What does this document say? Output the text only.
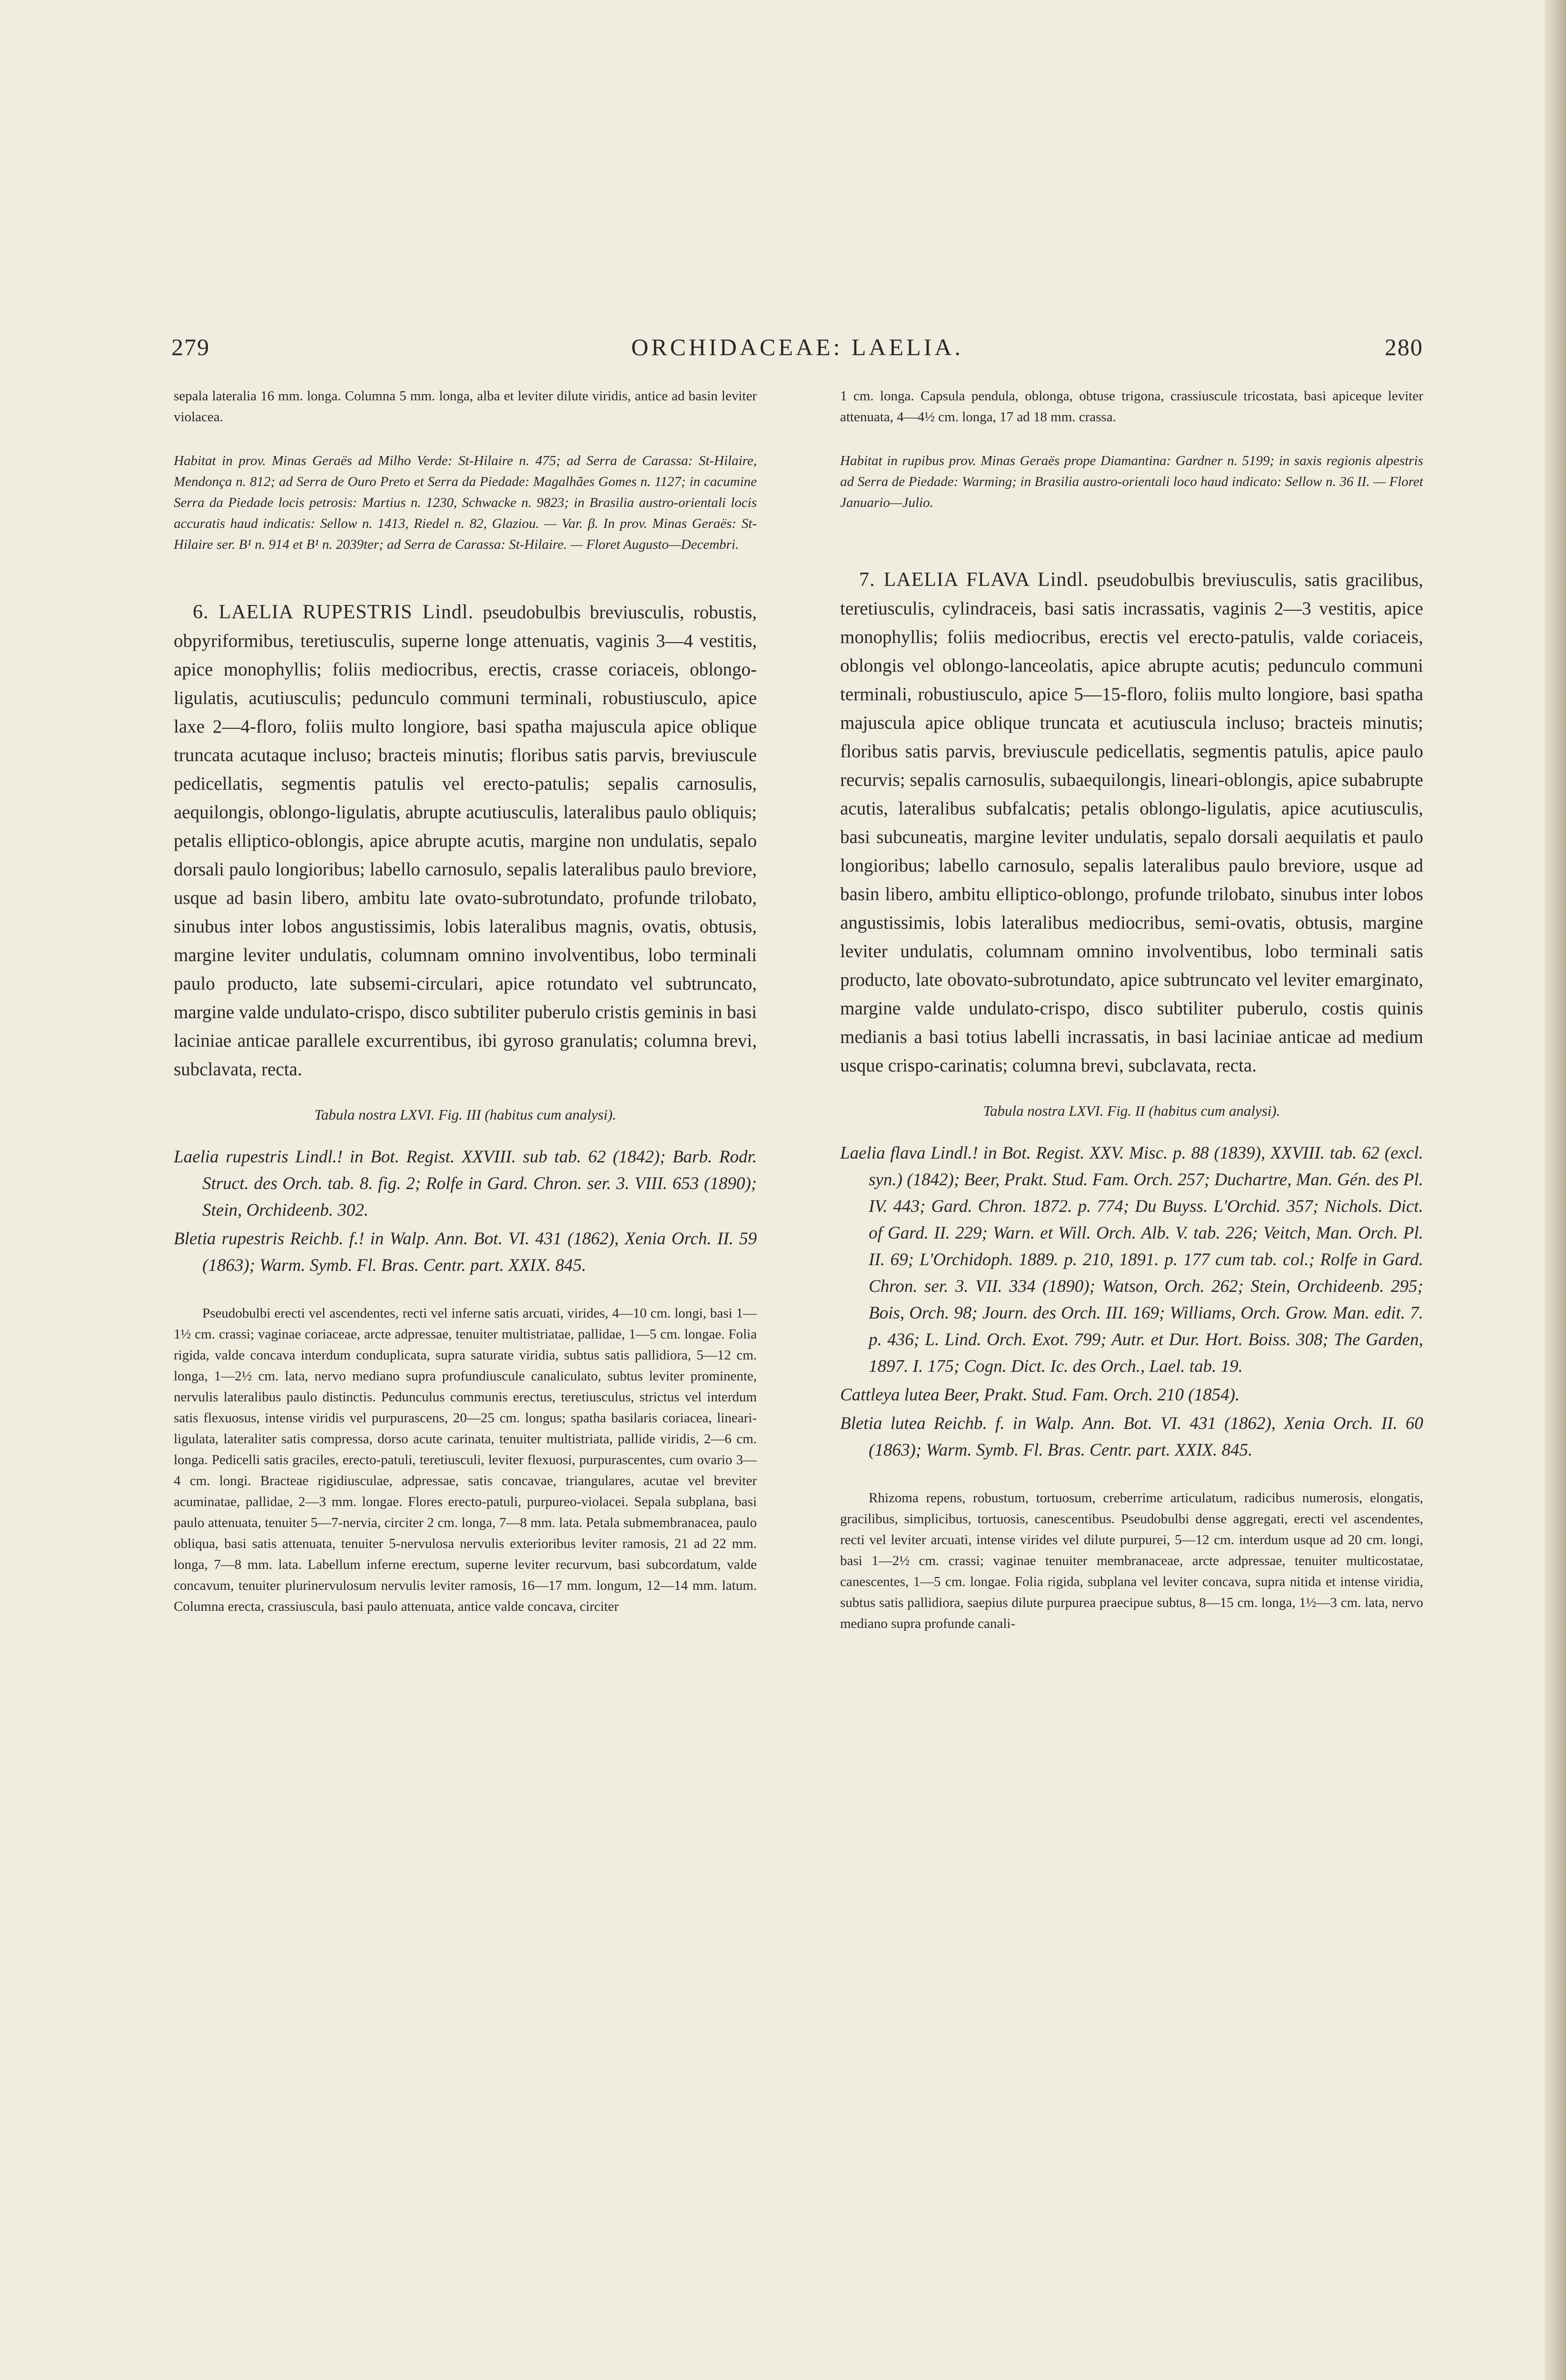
279	ORCHIDACEAE: LAELIA.	280

sepala lateralia 16 mm. longa. Columna 5 mm. longa, alba et leviter dilute viridis, antice ad basin leviter violacea.

Habitat in prov. Minas Geraës ad Milho Verde: St-Hilaire n. 475; ad Serra de Carassa: St-Hilaire, Mendonça n. 812; ad Serra de Ouro Preto et Serra da Piedade: Magalhães Gomes n. 1127; in cacumine Serra da Piedade locis petrosis: Martius n. 1230, Schwacke n. 9823; in Brasilia austro-orientali locis accuratis haud indicatis: Sellow n. 1413, Riedel n. 82, Glaziou. — Var. β. In prov. Minas Geraës: St-Hilaire ser. B¹ n. 914 et B¹ n. 2039ter; ad Serra de Carassa: St-Hilaire. — Floret Augusto—Decembri.

6. LAELIA RUPESTRIS Lindl. pseudobulbis breviusculis, robustis, obpyriformibus, teretiusculis, superne longe attenuatis, vaginis 3—4 vestitis, apice monophyllis; foliis mediocribus, erectis, crasse coriaceis, oblongo-ligulatis, acutiusculis; pedunculo communi terminali, robustiusculo, apice laxe 2—4-floro, foliis multo longiore, basi spatha majuscula apice oblique truncata acutaque incluso; bracteis minutis; floribus satis parvis, breviuscule pedicellatis, segmentis patulis vel erecto-patulis; sepalis carnosulis, aequilongis, oblongo-ligulatis, abrupte acutiusculis, lateralibus paulo obliquis; petalis elliptico-oblongis, apice abrupte acutis, margine non undulatis, sepalo dorsali paulo longioribus; labello carnosulo, sepalis lateralibus paulo breviore, usque ad basin libero, ambitu late ovato-subrotundato, profunde trilobato, sinubus inter lobos angustissimis, lobis lateralibus magnis, ovatis, obtusis, margine leviter undulatis, columnam omnino involventibus, lobo terminali paulo producto, late subsemi-circulari, apice rotundato vel subtruncato, margine valde undulato-crispo, disco subtiliter puberulo cristis geminis in basi laciniae anticae parallele excurrentibus, ibi gyroso granulatis; columna brevi, subclavata, recta.

Tabula nostra LXVI. Fig. III (habitus cum analysi).

Laelia rupestris Lindl.! in Bot. Regist. XXVIII. sub tab. 62 (1842); Barb. Rodr. Struct. des Orch. tab. 8. fig. 2; Rolfe in Gard. Chron. ser. 3. VIII. 653 (1890); Stein, Orchideenb. 302.

Bletia rupestris Reichb. f.! in Walp. Ann. Bot. VI. 431 (1862), Xenia Orch. II. 59 (1863); Warm. Symb. Fl. Bras. Centr. part. XXIX. 845.

Pseudobulbi erecti vel ascendentes, recti vel inferne satis arcuati, virides, 4—10 cm. longi, basi 1—1½ cm. crassi; vaginae coriaceae, arcte adpressae, tenuiter multistriatae, pallidae, 1—5 cm. longae. Folia rigida, valde concava interdum conduplicata, supra saturate viridia, subtus satis pallidiora, 5—12 cm. longa, 1—2½ cm. lata, nervo mediano supra profundiuscule canaliculato, subtus leviter prominente, nervulis lateralibus paulo distinctis. Pedunculus communis erectus, teretiusculus, strictus vel interdum satis flexuosus, intense viridis vel purpurascens, 20—25 cm. longus; spatha basilaris coriacea, lineari-ligulata, lateraliter satis compressa, dorso acute carinata, tenuiter multistriata, pallide viridis, 2—6 cm. longa. Pedicelli satis graciles, erecto-patuli, teretiusculi, leviter flexuosi, purpurascentes, cum ovario 3—4 cm. longi. Bracteae rigidiusculae, adpressae, satis concavae, triangulares, acutae vel breviter acuminatae, pallidae, 2—3 mm. longae. Flores erecto-patuli, purpureo-violacei. Sepala subplana, basi paulo attenuata, tenuiter 5—7-nervia, circiter 2 cm. longa, 7—8 mm. lata. Petala submembranacea, paulo obliqua, basi satis attenuata, tenuiter 5-nervulosa nervulis exterioribus leviter ramosis, 21 ad 22 mm. longa, 7—8 mm. lata. Labellum inferne erectum, superne leviter recurvum, basi subcordatum, valde concavum, tenuiter plurinervulosum nervulis leviter ramosis, 16—17 mm. longum, 12—14 mm. latum. Columna erecta, crassiuscula, basi paulo attenuata, antice valde concava, circiter

1 cm. longa. Capsula pendula, oblonga, obtuse trigona, crassiuscule tricostata, basi apiceque leviter attenuata, 4—4½ cm. longa, 17 ad 18 mm. crassa.

Habitat in rupibus prov. Minas Geraës prope Diamantina: Gardner n. 5199; in saxis regionis alpestris ad Serra de Piedade: Warming; in Brasilia austro-orientali loco haud indicato: Sellow n. 36 II. — Floret Januario—Julio.

7. LAELIA FLAVA Lindl. pseudobulbis breviusculis, satis gracilibus, teretiusculis, cylindraceis, basi satis incrassatis, vaginis 2—3 vestitis, apice monophyllis; foliis mediocribus, erectis vel erecto-patulis, valde coriaceis, oblongis vel oblongo-lanceolatis, apice abrupte acutis; pedunculo communi terminali, robustiusculo, apice 5—15-floro, foliis multo longiore, basi spatha majuscula apice oblique truncata et acutiuscula incluso; bracteis minutis; floribus satis parvis, breviuscule pedicellatis, segmentis patulis, apice paulo recurvis; sepalis carnosulis, subaequilongis, lineari-oblongis, apice subabrupte acutis, lateralibus subfalcatis; petalis oblongo-ligulatis, apice acutiusculis, basi subcuneatis, margine leviter undulatis, sepalo dorsali aequilatis et paulo longioribus; labello carnosulo, sepalis lateralibus paulo breviore, usque ad basin libero, ambitu elliptico-oblongo, profunde trilobato, sinubus inter lobos angustissimis, lobis lateralibus mediocribus, semi-ovatis, obtusis, margine leviter undulatis, columnam omnino involventibus, lobo terminali satis producto, late obovato-subrotundato, apice subtruncato vel leviter emarginato, margine valde undulato-crispo, disco subtiliter puberulo, costis quinis medianis a basi totius labelli incrassatis, in basi laciniae anticae ad medium usque crispo-carinatis; columna brevi, subclavata, recta.

Tabula nostra LXVI. Fig. II (habitus cum analysi).

Laelia flava Lindl.! in Bot. Regist. XXV. Misc. p. 88 (1839), XXVIII. tab. 62 (excl. syn.) (1842); Beer, Prakt. Stud. Fam. Orch. 257; Duchartre, Man. Gén. des Pl. IV. 443; Gard. Chron. 1872. p. 774; Du Buyss. L'Orchid. 357; Nichols. Dict. of Gard. II. 229; Warn. et Will. Orch. Alb. V. tab. 226; Veitch, Man. Orch. Pl. II. 69; L'Orchidoph. 1889. p. 210, 1891. p. 177 cum tab. col.; Rolfe in Gard. Chron. ser. 3. VII. 334 (1890); Watson, Orch. 262; Stein, Orchideenb. 295; Bois, Orch. 98; Journ. des Orch. III. 169; Williams, Orch. Grow. Man. edit. 7. p. 436; L. Lind. Orch. Exot. 799; Autr. et Dur. Hort. Boiss. 308; The Garden, 1897. I. 175; Cogn. Dict. Ic. des Orch., Lael. tab. 19.

Cattleya lutea Beer, Prakt. Stud. Fam. Orch. 210 (1854).

Bletia lutea Reichb. f. in Walp. Ann. Bot. VI. 431 (1862), Xenia Orch. II. 60 (1863); Warm. Symb. Fl. Bras. Centr. part. XXIX. 845.

Rhizoma repens, robustum, tortuosum, creberrime articulatum, radicibus numerosis, elongatis, gracilibus, simplicibus, tortuosis, canescentibus. Pseudobulbi dense aggregati, erecti vel ascendentes, recti vel leviter arcuati, intense virides vel dilute purpurei, 5—12 cm. interdum usque ad 20 cm. longi, basi 1—2½ cm. crassi; vaginae tenuiter membranaceae, arcte adpressae, tenuiter multicostatae, canescentes, 1—5 cm. longae. Folia rigida, subplana vel leviter concava, supra nitida et intense viridia, subtus satis pallidiora, saepius dilute purpurea praecipue subtus, 8—15 cm. longa, 1½—3 cm. lata, nervo mediano supra profunde canali-
